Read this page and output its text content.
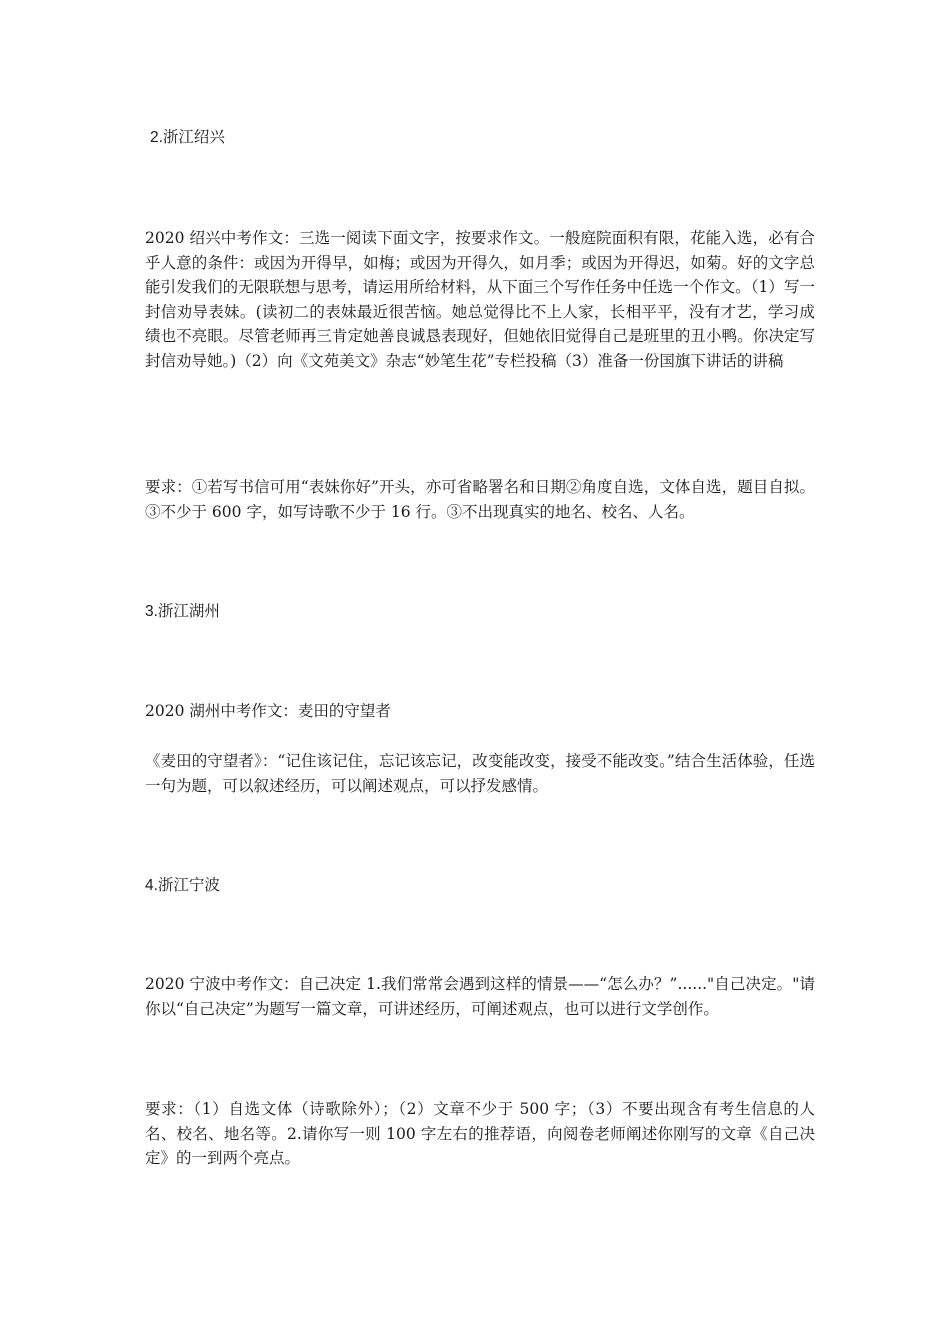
2.浙江绍兴

2020 绍兴中考作文：三选一阅读下面文字，按要求作文。一般庭院面积有限，花能入选，必有合乎人意的条件：或因为开得早，如梅；或因为开得久，如月季；或因为开得迟，如菊。好的文字总能引发我们的无限联想与思考，请运用所给材料，从下面三个写作任务中任选一个作文。（1）写一封信劝导表妹。(读初二的表妹最近很苦恼。她总觉得比不上人家，长相平平，没有才艺，学习成绩也不亮眼。尽管老师再三肯定她善良诚恳表现好，但她依旧觉得自己是班里的丑小鸭。你决定写封信劝导她。)（2）向《文苑美文》杂志“妙笔生花”专栏投稿（3）准备一份国旗下讲话的讲稿

要求：①若写书信可用“表妹你好”开头，亦可省略署名和日期②角度自选，文体自选，题目自拟。③不少于 600 字，如写诗歌不少于 16 行。③不出现真实的地名、校名、人名。

3.浙江湖州

2020 湖州中考作文：麦田的守望者

《麦田的守望者》：“记住该记住，忘记该忘记，改变能改变，接受不能改变。”结合生活体验，任选一句为题，可以叙述经历，可以阐述观点，可以抒发感情。

4.浙江宁波

2020 宁波中考作文：自己决定 1.我们常常会遇到这样的情景——“怎么办？”......"自己决定。"请你以“自己决定”为题写一篇文章，可讲述经历，可阐述观点，也可以进行文学创作。

要求：（1）自选文体（诗歌除外）；（2）文章不少于 500 字；（3）不要出现含有考生信息的人名、校名、地名等。2.请你写一则 100 字左右的推荐语，向阅卷老师阐述你刚写的文章《自己决定》的一到两个亮点。
